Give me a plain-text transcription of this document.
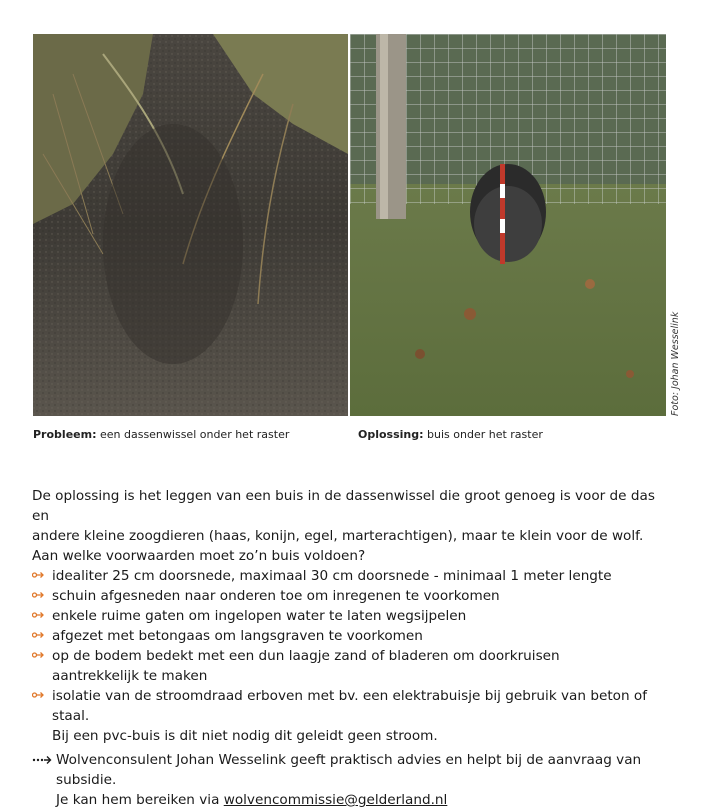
Foto: Johan Wesselink
Probleem: een dassenwissel onder het raster	Oplossing: buis onder het raster

De oplossing is het leggen van een buis in de dassenwissel die groot genoeg is voor de das en

andere kleine zoogdieren (haas, konijn, egel, marterachtigen), maar te klein voor de wolf.

Aan welke voorwaarden moet zo’n buis voldoen?

idealiter 25 cm doorsnede, maximaal 30 cm doorsnede - minimaal 1 meter lengte
schuin afgesneden naar onderen toe om inregenen te voorkomen
enkele ruime gaten om ingelopen water te laten wegsijpelen
afgezet met betongaas om langsgraven te voorkomen
op de bodem bedekt met een dun laagje zand of bladeren om doorkruisen
aantrekkelijk te maken
isolatie van de stroomdraad erboven met bv. een elektrabuisje bij gebruik van beton of staal.
Bij een pvc-buis is dit niet nodig dit geleidt geen stroom.
Wolvenconsulent Johan Wesselink geeft praktisch advies en helpt bij de aanvraag van subsidie.
Je kan hem bereiken via wolvencommissie@gelderland.nl
